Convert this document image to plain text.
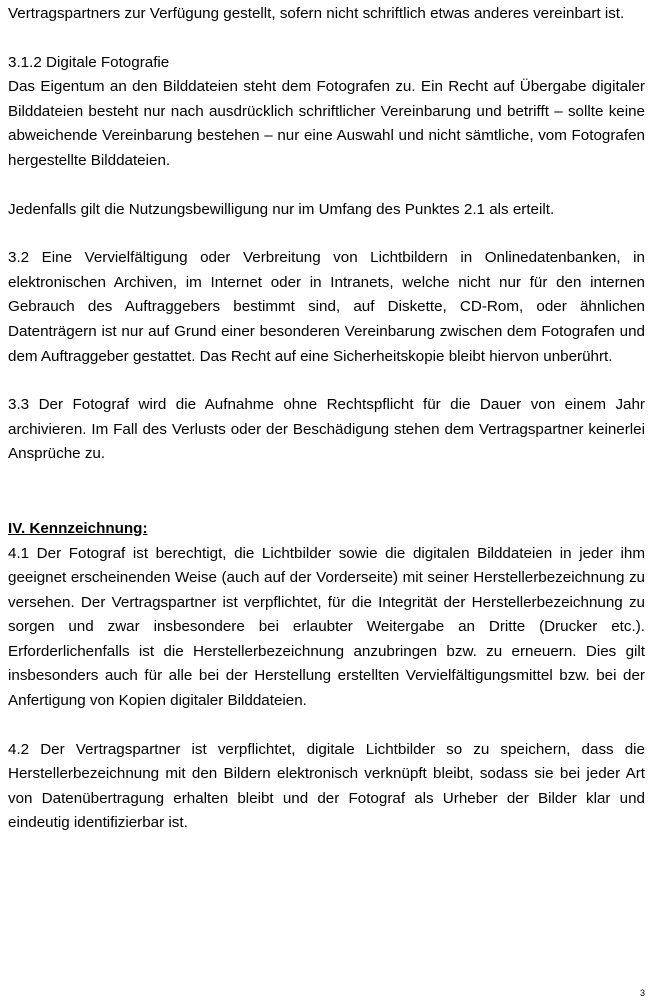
Vertragspartners zur Verfügung gestellt, sofern nicht schriftlich etwas anderes vereinbart ist.

3.1.2 Digitale Fotografie

Das Eigentum an den Bilddateien steht dem Fotografen zu. Ein Recht auf Übergabe digitaler Bilddateien besteht nur nach ausdrücklich schriftlicher Vereinbarung und betrifft – sollte keine abweichende Vereinbarung bestehen – nur eine Auswahl und nicht sämtliche, vom Fotografen hergestellte Bilddateien.

Jedenfalls gilt die Nutzungsbewilligung nur im Umfang des Punktes 2.1 als erteilt.

3.2 Eine Vervielfältigung oder Verbreitung von Lichtbildern in Onlinedatenbanken, in elektronischen Archiven, im Internet oder in Intranets, welche nicht nur für den internen Gebrauch des Auftraggebers bestimmt sind, auf Diskette, CD-Rom, oder ähnlichen Datenträgern ist nur auf Grund einer besonderen Vereinbarung zwischen dem Fotografen und dem Auftraggeber gestattet. Das Recht auf eine Sicherheitskopie bleibt hiervon unberührt.

3.3 Der Fotograf wird die Aufnahme ohne Rechtspflicht für die Dauer von einem Jahr archivieren. Im Fall des Verlusts oder der Beschädigung stehen dem Vertragspartner keinerlei Ansprüche zu.

IV. Kennzeichnung:

4.1 Der Fotograf ist berechtigt, die Lichtbilder sowie die digitalen Bilddateien in jeder ihm geeignet erscheinenden Weise (auch auf der Vorderseite) mit seiner Herstellerbezeichnung zu versehen. Der Vertragspartner ist verpflichtet, für die Integrität der Herstellerbezeichnung zu sorgen und zwar insbesondere bei erlaubter Weitergabe an Dritte (Drucker etc.). Erforderlichenfalls ist die Herstellerbezeichnung anzubringen bzw. zu erneuern. Dies gilt insbesonders auch für alle bei der Herstellung erstellten Vervielfältigungsmittel bzw. bei der Anfertigung von Kopien digitaler Bilddateien.

4.2 Der Vertragspartner ist verpflichtet, digitale Lichtbilder so zu speichern, dass die Herstellerbezeichnung mit den Bildern elektronisch verknüpft bleibt, sodass sie bei jeder Art von Datenübertragung erhalten bleibt und der Fotograf als Urheber der Bilder klar und eindeutig identifizierbar ist.

3
